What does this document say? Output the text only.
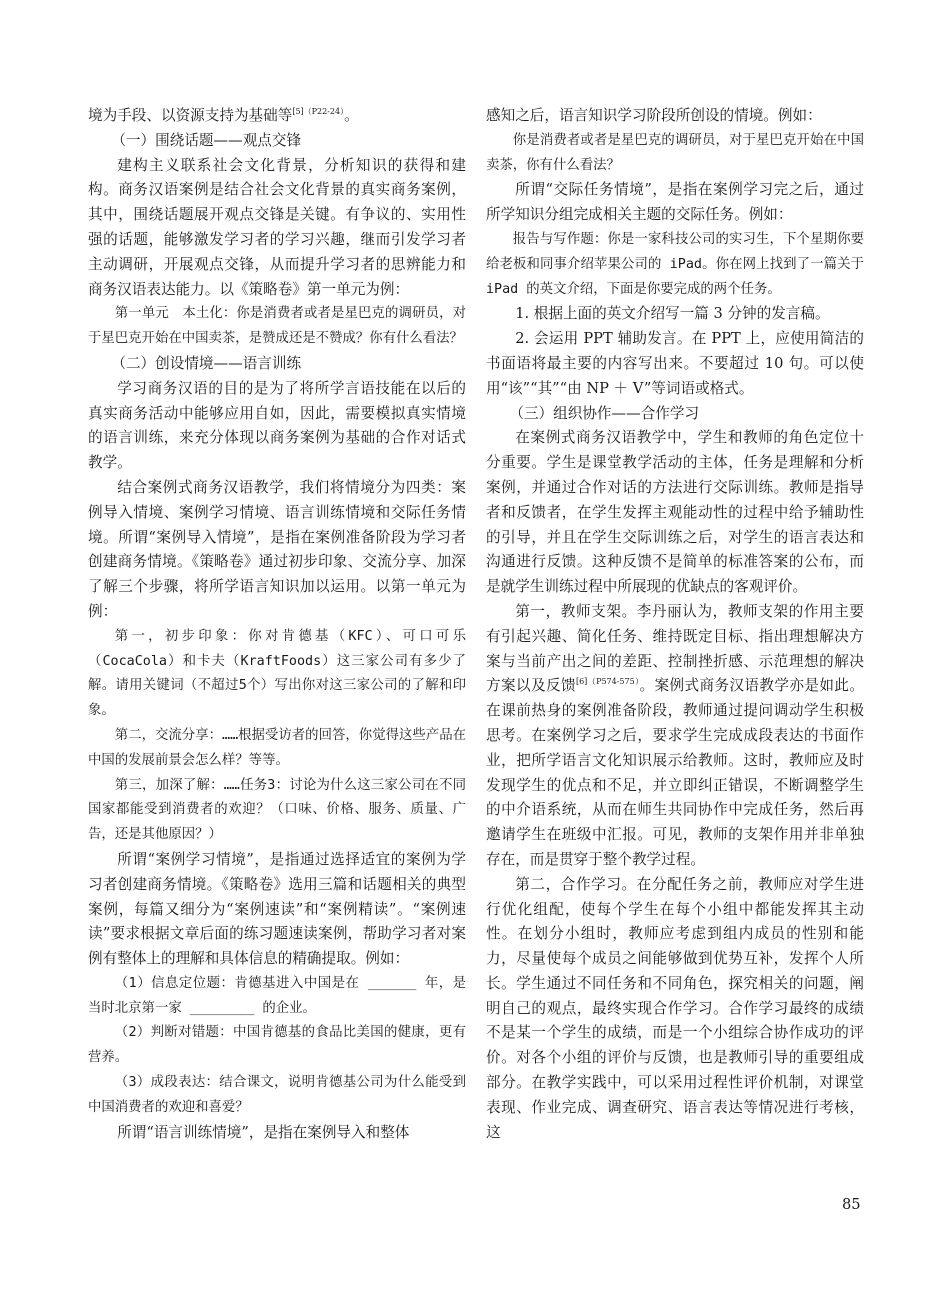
境为手段、以资源支持为基础等$^{[5](P22-24)}$。

（一）围绕话题——观点交锋

建构主义联系社会文化背景，分析知识的获得和建构。商务汉语案例是结合社会文化背景的真实商务案例，其中，围绕话题展开观点交锋是关键。有争议的、实用性强的话题，能够激发学习者的学习兴趣，继而引发学习者主动调研，开展观点交锋，从而提升学习者的思辨能力和商务汉语表达能力。以《策略卷》第一单元为例：

第一单元　本土化：你是消费者或者是星巴克的调研员，对于星巴克开始在中国卖茶，是赞成还是不赞成？你有什么看法？

（二）创设情境——语言训练

学习商务汉语的目的是为了将所学言语技能在以后的真实商务活动中能够应用自如，因此，需要模拟真实情境的语言训练，来充分体现以商务案例为基础的合作对话式教学。

结合案例式商务汉语教学，我们将情境分为四类：案例导入情境、案例学习情境、语言训练情境和交际任务情境。所谓“案例导入情境”，是指在案例准备阶段为学习者创建商务情境。《策略卷》通过初步印象、交流分享、加深了解三个步骤，将所学语言知识加以运用。以第一单元为例：

第一，初步印象：你对肯德基（KFC）、可口可乐（CocaCola）和卡夫（KraftFoods）这三家公司有多少了解。请用关键词（不超过5个）写出你对这三家公司的了解和印象。

第二，交流分享：……根据受访者的回答，你觉得这些产品在中国的发展前景会怎么样？等等。

第三，加深了解：……任务3：讨论为什么这三家公司在不同国家都能受到消费者的欢迎？（口味、价格、服务、质量、广告，还是其他原因？）

所谓“案例学习情境”，是指通过选择适宜的案例为学习者创建商务情境。《策略卷》选用三篇和话题相关的典型案例，每篇又细分为“案例速读”和“案例精读”。“案例速读”要求根据文章后面的练习题速读案例，帮助学习者对案例有整体上的理解和具体信息的精确提取。例如：

（1）信息定位题：肯德基进入中国是在 ______ 年，是当时北京第一家 ________ 的企业。

（2）判断对错题：中国肯德基的食品比美国的健康，更有营养。

（3）成段表达：结合课文，说明肯德基公司为什么能受到中国消费者的欢迎和喜爱？

所谓“语言训练情境”，是指在案例导入和整体

感知之后，语言知识学习阶段所创设的情境。例如：

你是消费者或者是星巴克的调研员，对于星巴克开始在中国卖茶，你有什么看法？

所谓“交际任务情境”，是指在案例学习完之后，通过所学知识分组完成相关主题的交际任务。例如：

报告与写作题：你是一家科技公司的实习生，下个星期你要给老板和同事介绍苹果公司的 iPad。你在网上找到了一篇关于 iPad 的英文介绍，下面是你要完成的两个任务。

1. 根据上面的英文介绍写一篇 3 分钟的发言稿。

2. 会运用 PPT 辅助发言。在 PPT 上，应使用简洁的书面语将最主要的内容写出来。不要超过 10 句。可以使用“该”“其”“由 NP ＋ V”等词语或格式。

（三）组织协作——合作学习

在案例式商务汉语教学中，学生和教师的角色定位十分重要。学生是课堂教学活动的主体，任务是理解和分析案例，并通过合作对话的方法进行交际训练。教师是指导者和反馈者，在学生发挥主观能动性的过程中给予辅助性的引导，并且在学生交际训练之后，对学生的语言表达和沟通进行反馈。这种反馈不是简单的标准答案的公布，而是就学生训练过程中所展现的优缺点的客观评价。

第一，教师支架。李丹丽认为，教师支架的作用主要有引起兴趣、简化任务、维持既定目标、指出理想解决方案与当前产出之间的差距、控制挫折感、示范理想的解决方案以及反馈$^{[6](P574-575)}$。案例式商务汉语教学亦是如此。在课前热身的案例准备阶段，教师通过提问调动学生积极思考。在案例学习之后，要求学生完成成段表达的书面作业，把所学语言文化知识展示给教师。这时，教师应及时发现学生的优点和不足，并立即纠正错误，不断调整学生的中介语系统，从而在师生共同协作中完成任务，然后再邀请学生在班级中汇报。可见，教师的支架作用并非单独存在，而是贯穿于整个教学过程。

第二，合作学习。在分配任务之前，教师应对学生进行优化组配，使每个学生在每个小组中都能发挥其主动性。在划分小组时，教师应考虑到组内成员的性别和能力，尽量使每个成员之间能够做到优势互补，发挥个人所长。学生通过不同任务和不同角色，探究相关的问题，阐明自己的观点，最终实现合作学习。合作学习最终的成绩不是某一个学生的成绩，而是一个小组综合协作成功的评价。对各个小组的评价与反馈，也是教师引导的重要组成部分。在教学实践中，可以采用过程性评价机制，对课堂表现、作业完成、调查研究、语言表达等情况进行考核，这

85
